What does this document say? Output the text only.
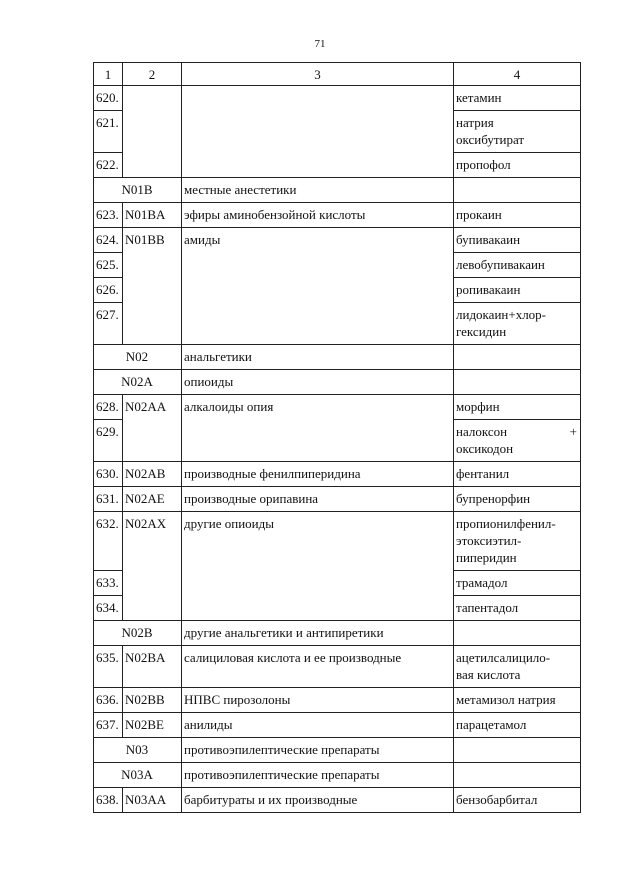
71
1	2	3	4
620.			кетамин
621.			натрия оксибутират

622.			пропофол
N01B		местные анестетики	
623.	N01BA	эфиры аминобензойной кислоты	прокаин
624.	N01BB	амиды	бупивакаин
625.			левобупивакаин
626.			ропивакаин
627.			лидокаин+хлор-гексидин

N02		анальгетики	
N02A		опиоиды	
628.	N02AA	алкалоиды опия	морфин
629.			налоксон +
оксикодон

630.	N02AB	производные фенилпиперидина	фентанил
631.	N02AE	производные орипавина	бупренорфин
632.	N02AX	другие опиоиды	пропионилфенил-этоксиэтил-пиперидин

633.			трамадол
634.			тапентадол
N02B		другие анальгетики и антипиретики	
635.	N02BA	салициловая кислота и ее производные	ацетилсалицило-вая кислота

636.	N02BB	НПВС пирозолоны	метамизол натрия
637.	N02BE	анилиды	парацетамол
N03		противоэпилептические препараты	
N03A		противоэпилептические препараты	
638.	N03AA	барбитураты и их производные	бензобарбитал
